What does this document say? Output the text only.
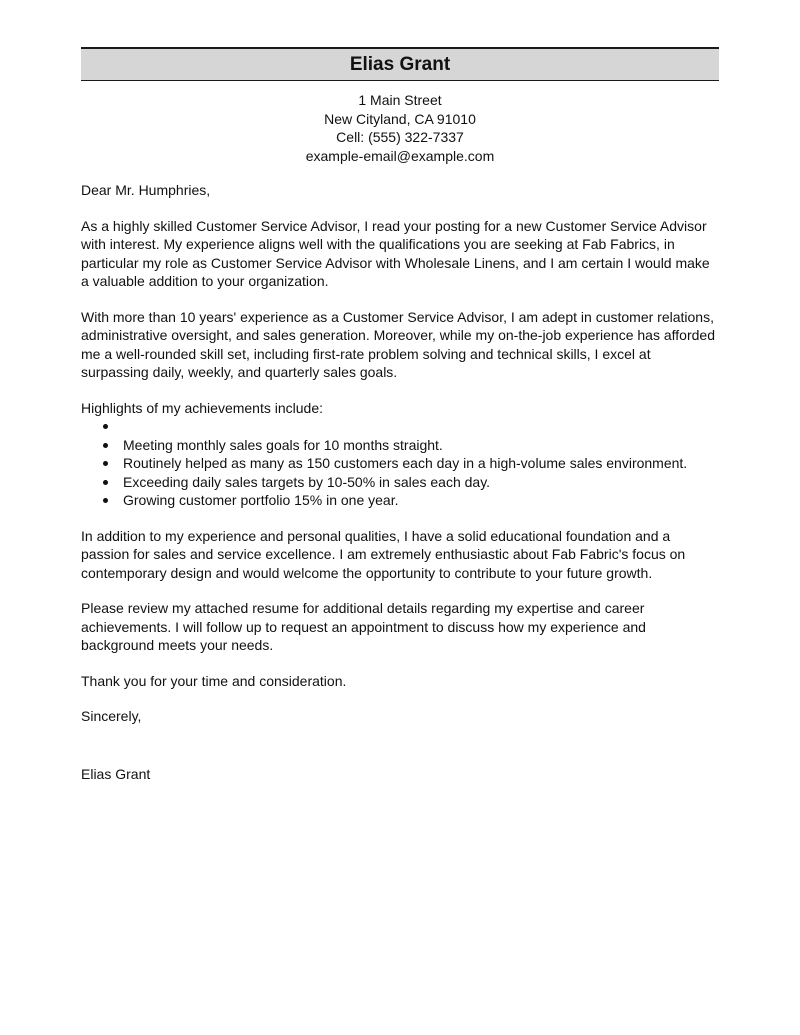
Elias Grant
1 Main Street
New Cityland, CA 91010
Cell: (555) 322-7337
example-email@example.com
Dear Mr. Humphries,
As a highly skilled Customer Service Advisor, I read your posting for a new Customer Service Advisor with interest. My experience aligns well with the qualifications you are seeking at Fab Fabrics, in particular my role as Customer Service Advisor with Wholesale Linens, and I am certain I would make a valuable addition to your organization.
With more than 10 years' experience as a Customer Service Advisor, I am adept in customer relations, administrative oversight, and sales generation. Moreover, while my on-the-job experience has afforded me a well-rounded skill set, including first-rate problem solving and technical skills, I excel at surpassing daily, weekly, and quarterly sales goals.
Highlights of my achievements include:
Meeting monthly sales goals for 10 months straight.
Routinely helped as many as 150 customers each day in a high-volume sales environment.
Exceeding daily sales targets by 10-50% in sales each day.
Growing customer portfolio 15% in one year.
In addition to my experience and personal qualities, I have a solid educational foundation and a passion for sales and service excellence. I am extremely enthusiastic about Fab Fabric's focus on contemporary design and would welcome the opportunity to contribute to your future growth.
Please review my attached resume for additional details regarding my expertise and career achievements. I will follow up to request an appointment to discuss how my experience and background meets your needs.
Thank you for your time and consideration.
Sincerely,
Elias Grant
